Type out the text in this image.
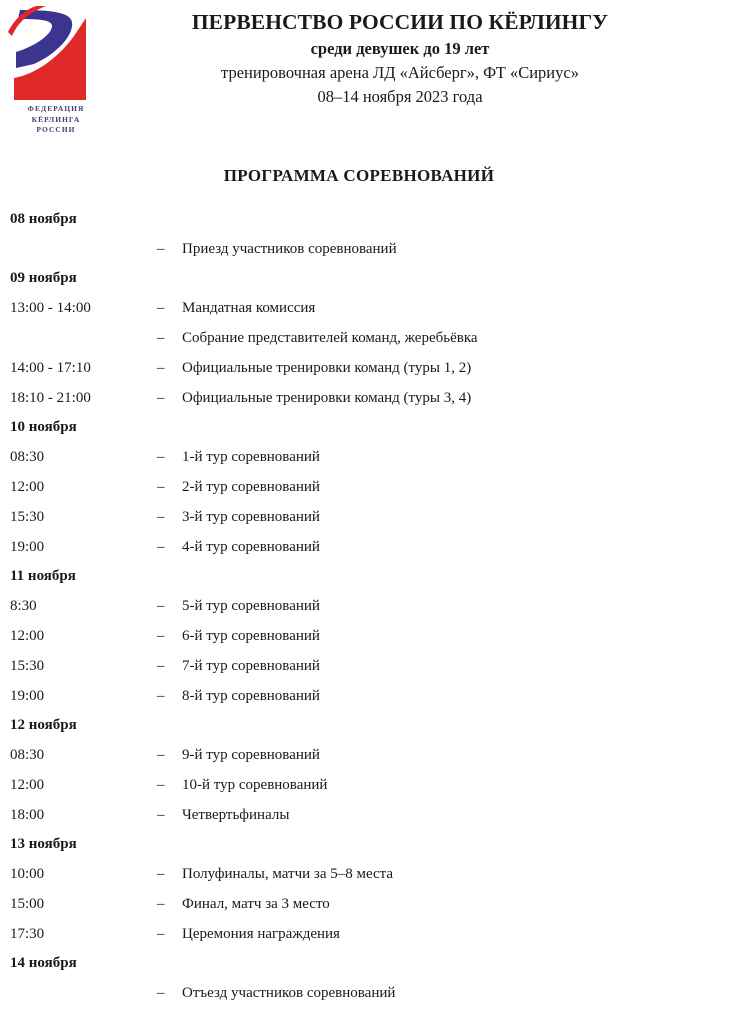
ФЕДЕРАЦИЯ
КЁРЛИНГА
РОССИИ
ПЕРВЕНСТВО РОССИИ ПО КЁРЛИНГУ
среди девушек до 19 лет
тренировочная арена ЛД «Айсберг», ФТ «Сириус»
08–14 ноября 2023 года
ПРОГРАММА СОРЕВНОВАНИЙ
08 ноября
–	Приезд участников соревнований
09 ноября
13:00 - 14:00	–	Мандатная комиссия
–	Собрание представителей команд, жеребьёвка
14:00 - 17:10	–	Официальные тренировки команд (туры 1, 2)
18:10 - 21:00	–	Официальные тренировки команд (туры 3, 4)
10 ноября
08:30	–	1-й тур соревнований
12:00	–	2-й тур соревнований
15:30	–	3-й тур соревнований
19:00	–	4-й тур соревнований
11 ноября
8:30	–	5-й тур соревнований
12:00	–	6-й тур соревнований
15:30	–	7-й тур соревнований
19:00	–	8-й тур соревнований
12 ноября
08:30	–	9-й тур соревнований
12:00	–	10-й тур соревнований
18:00	–	Четвертьфиналы
13 ноября
10:00	–	Полуфиналы, матчи за 5–8 места
15:00	–	Финал, матч за 3 место
17:30	–	Церемония награждения
14 ноября
–	Отъезд участников соревнований
